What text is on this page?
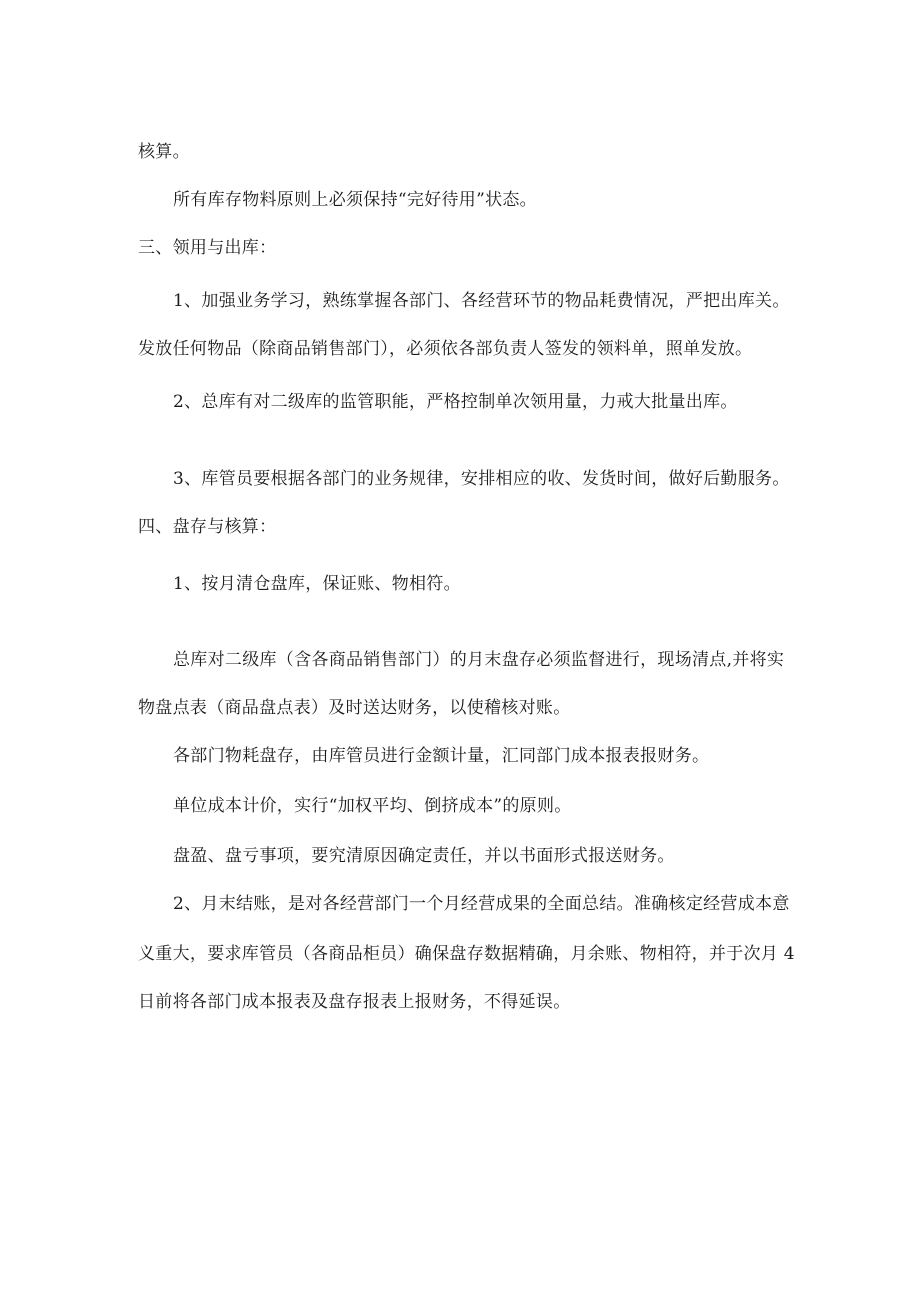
核算。
所有库存物料原则上必须保持“完好待用”状态。
三、领用与出库：
1、加强业务学习，熟练掌握各部门、各经营环节的物品耗费情况，严把出库关。
发放任何物品（除商品销售部门），必须依各部负责人签发的领料单，照单发放。
2、总库有对二级库的监管职能，严格控制单次领用量，力戒大批量出库。
3、库管员要根据各部门的业务规律，安排相应的收、发货时间，做好后勤服务。
四、盘存与核算：
1、按月清仓盘库，保证账、物相符。
总库对二级库（含各商品销售部门）的月末盘存必须监督进行，现场清点,并将实
物盘点表（商品盘点表）及时送达财务，以使稽核对账。
各部门物耗盘存，由库管员进行金额计量，汇同部门成本报表报财务。
单位成本计价，实行“加权平均、倒挤成本”的原则。
盘盈、盘亏事项，要究清原因确定责任，并以书面形式报送财务。
2、月末结账，是对各经营部门一个月经营成果的全面总结。准确核定经营成本意
义重大，要求库管员（各商品柜员）确保盘存数据精确，月余账、物相符，并于次月 4
日前将各部门成本报表及盘存报表上报财务，不得延误。
